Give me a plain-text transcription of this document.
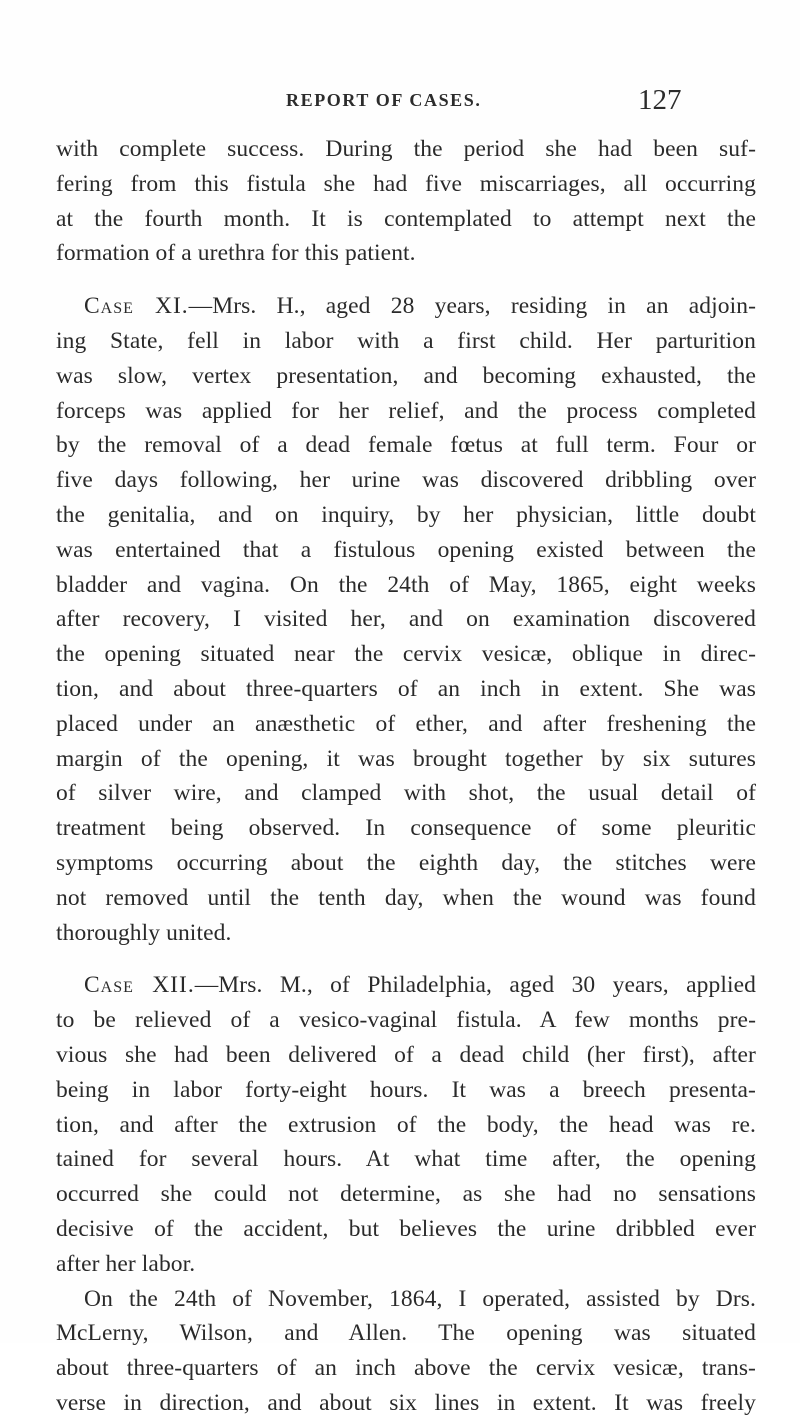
REPORT OF CASES.	127
with complete success. During the period she had been suf-
fering from this fistula she had five miscarriages, all occurring
at the fourth month. It is contemplated to attempt next the
formation of a urethra for this patient.
Case XI.—Mrs. H., aged 28 years, residing in an adjoin-
ing State, fell in labor with a first child. Her parturition
was slow, vertex presentation, and becoming exhausted, the
forceps was applied for her relief, and the process completed
by the removal of a dead female fœtus at full term. Four or
five days following, her urine was discovered dribbling over
the genitalia, and on inquiry, by her physician, little doubt
was entertained that a fistulous opening existed between the
bladder and vagina. On the 24th of May, 1865, eight weeks
after recovery, I visited her, and on examination discovered
the opening situated near the cervix vesicæ, oblique in direc-
tion, and about three-quarters of an inch in extent. She was
placed under an anæsthetic of ether, and after freshening the
margin of the opening, it was brought together by six sutures
of silver wire, and clamped with shot, the usual detail of
treatment being observed. In consequence of some pleuritic
symptoms occurring about the eighth day, the stitches were
not removed until the tenth day, when the wound was found
thoroughly united.
Case XII.—Mrs. M., of Philadelphia, aged 30 years, applied
to be relieved of a vesico-vaginal fistula. A few months pre-
vious she had been delivered of a dead child (her first), after
being in labor forty-eight hours. It was a breech presenta-
tion, and after the extrusion of the body, the head was re.
tained for several hours. At what time after, the opening
occurred she could not determine, as she had no sensations
decisive of the accident, but believes the urine dribbled ever
after her labor.
On the 24th of November, 1864, I operated, assisted by Drs.
McLerny, Wilson, and Allen. The opening was situated
about three-quarters of an inch above the cervix vesicæ, trans-
verse in direction, and about six lines in extent. It was freely
